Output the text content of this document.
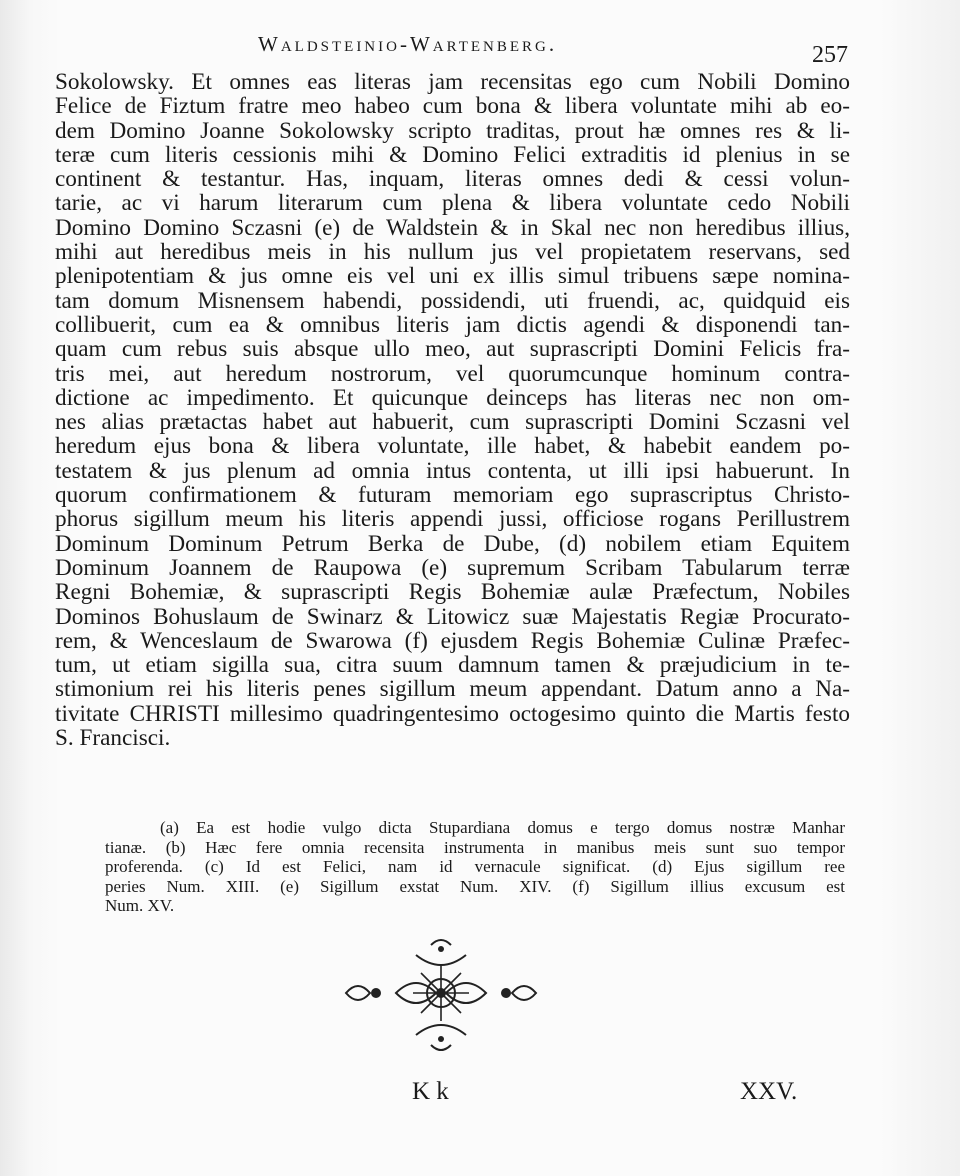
Waldsteinio-Wartenberg.	257
Sokolowsky. Et omnes eas literas jam recensitas ego cum Nobili Domino
Felice de Fiztum fratre meo habeo cum bona & libera voluntate mihi ab eo-
dem Domino Joanne Sokolowsky scripto traditas, prout hæ omnes res & li-
teræ cum literis cessionis mihi & Domino Felici extraditis id plenius in se
continent & testantur. Has, inquam, literas omnes dedi & cessi volun-
tarie, ac vi harum literarum cum plena & libera voluntate cedo Nobili
Domino Domino Sczasni (e) de Waldstein & in Skal nec non heredibus illius,
mihi aut heredibus meis in his nullum jus vel propietatem reservans, sed
plenipotentiam & jus omne eis vel uni ex illis simul tribuens sæpe nomina-
tam domum Misnensem habendi, possidendi, uti fruendi, ac, quidquid eis
collibuerit, cum ea & omnibus literis jam dictis agendi & disponendi tan-
quam cum rebus suis absque ullo meo, aut suprascripti Domini Felicis fra-
tris mei, aut heredum nostrorum, vel quorumcunque hominum contra-
dictione ac impedimento. Et quicunque deinceps has literas nec non om-
nes alias prætactas habet aut habuerit, cum suprascripti Domini Sczasni vel
heredum ejus bona & libera voluntate, ille habet, & habebit eandem po-
testatem & jus plenum ad omnia intus contenta, ut illi ipsi habuerunt. In
quorum confirmationem & futuram memoriam ego suprascriptus Christo-
phorus sigillum meum his literis appendi jussi, officiose rogans Perillustrem
Dominum Dominum Petrum Berka de Dube, (d) nobilem etiam Equitem
Dominum Joannem de Raupowa (e) supremum Scribam Tabularum terræ
Regni Bohemiæ, & suprascripti Regis Bohemiæ aulæ Præfectum, Nobiles
Dominos Bohuslaum de Swinarz & Litowicz suæ Majestatis Regiæ Procurato-
rem, & Wenceslaum de Swarowa (f) ejusdem Regis Bohemiæ Culinæ Præfec-
tum, ut etiam sigilla sua, citra suum damnum tamen & præjudicium in te-
stimonium rei his literis penes sigillum meum appendant. Datum anno a Na-
tivitate CHRISTI millesimo quadringentesimo octogesimo quinto die Martis festo
S. Francisci.
(a) Ea est hodie vulgo dicta Stupardiana domus e tergo domus nostræ Manhar
tianæ. (b) Hæc fere omnia recensita instrumenta in manibus meis sunt suo tempor
proferenda. (c) Id est Felici, nam id vernacule significat. (d) Ejus sigillum ree
peries Num. XIII. (e) Sigillum exstat Num. XIV. (f) Sigillum illius excusum est
Num. XV.
K k	XXV.
